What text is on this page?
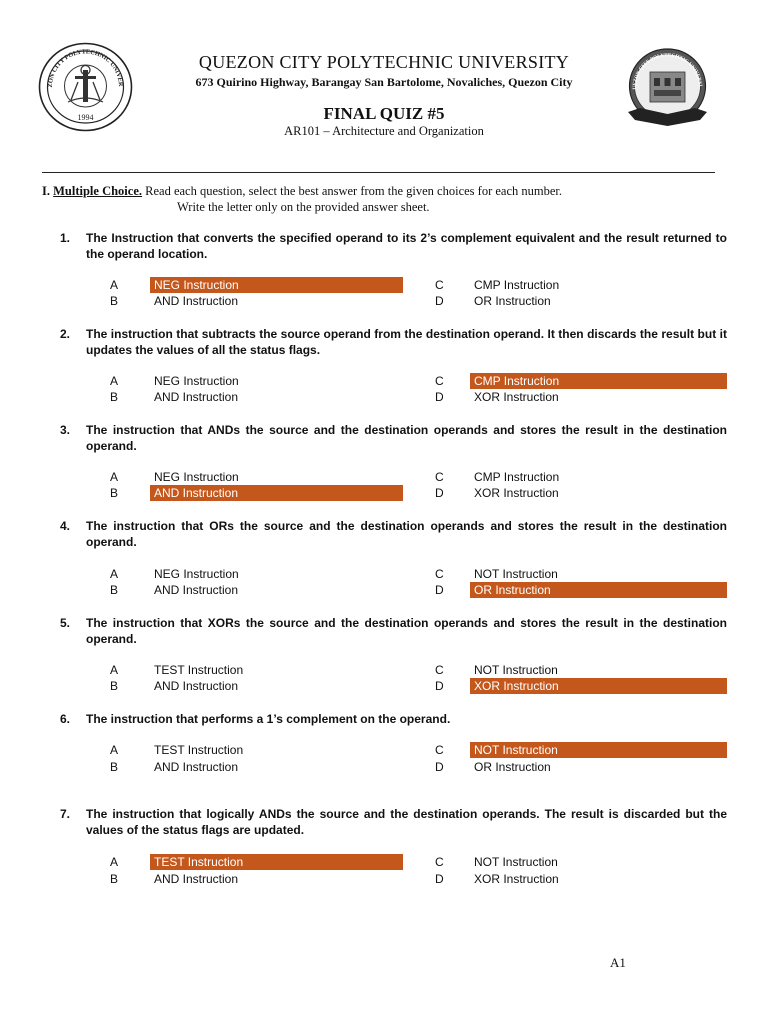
ZON CITY POLYTECHNIC UNIVER
1994
UEZON CITY POLYTECHNIC UNIVERSI
QUEZON CITY POLYTECHNIC UNIVERSITY
673 Quirino Highway, Barangay San Bartolome, Novaliches, Quezon City
FINAL QUIZ #5
AR101 – Architecture and Organization
I. Multiple Choice. Read each question, select the best answer from the given choices for each number.
Write the letter only on the provided answer sheet.
1.	The Instruction that converts the specified operand to its 2’s complement equivalent and the result returned to the operand location.
A	NEG Instruction
B	AND Instruction
C	CMP Instruction
D	OR Instruction
2.	The instruction that subtracts the source operand from the destination operand. It then discards the result but it updates the values of all the status flags.
A	NEG Instruction
B	AND Instruction
C	CMP Instruction
D	XOR Instruction
3.	The instruction that ANDs the source and the destination operands and stores the result in the destination operand.
A	NEG Instruction
B	AND Instruction
C	CMP Instruction
D	XOR Instruction
4.	The instruction that ORs the source and the destination operands and stores the result in the destination operand.
A	NEG Instruction
B	AND Instruction
C	NOT Instruction
D	OR Instruction
5.	The instruction that XORs the source and the destination operands and stores the result in the destination operand.
A	TEST Instruction
B	AND Instruction
C	NOT Instruction
D	XOR Instruction
6.	The instruction that performs a 1’s complement on the operand.
A	TEST Instruction
B	AND Instruction
C	NOT Instruction
D	OR Instruction
7.	The instruction that logically ANDs the source and the destination operands. The result is discarded but the values of the status flags are updated.
A	TEST Instruction
B	AND Instruction
C	NOT Instruction
D	XOR Instruction
A1
